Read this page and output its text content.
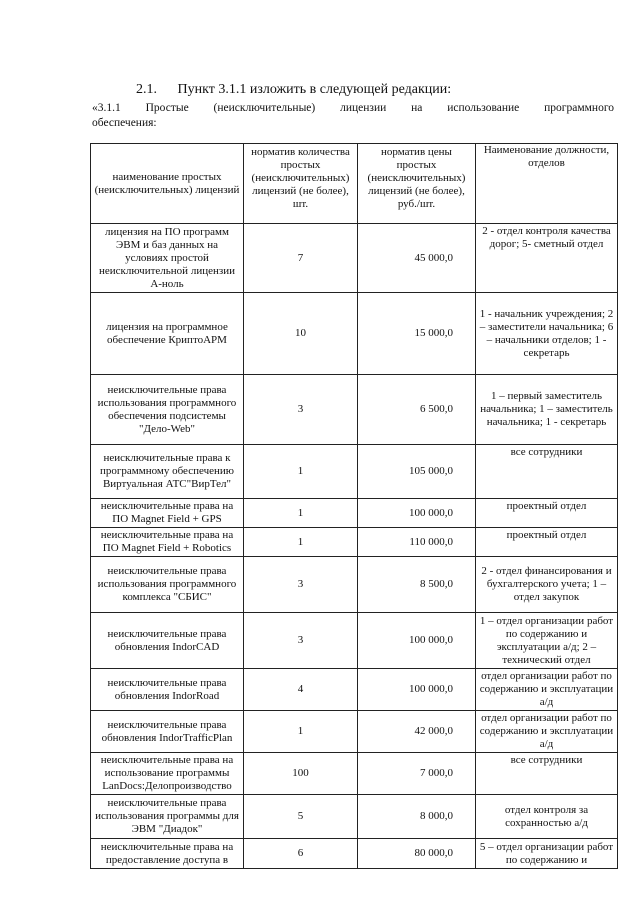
2.1. Пункт 3.1.1 изложить в следующей редакции:
«3.1.1 Простые (неисключительные) лицензии на использование программного
обеспечения:
наименование простых (неисключительных) лицензий	норматив количества простых (неисключительных) лицензий (не более), шт.	норматив цены простых (неисключительных) лицензий (не более), руб./шт.	Наименование должности, отделов
лицензия на ПО программ ЭВМ и баз данных на условиях простой неисключительной лицензии А-ноль	7	45 000,0	2 - отдел контроля качества дорог; 5- сметный отдел
лицензия на программное обеспечение КриптоАРМ	10	15 000,0	1 - начальник учреждения; 2 – заместители начальника; 6 – начальники отделов; 1 - секретарь
неисключительные права использования программного обеспечения подсистемы "Дело-Web"	3	6 500,0	1 – первый заместитель начальника; 1 – заместитель начальника; 1 - секретарь
неисключительные права к программному обеспечению Виртуальная АТС"ВирТел"	1	105 000,0	все сотрудники
неисключительные права на ПО Magnet Field + GPS	1	100 000,0	проектный отдел
неисключительные права на ПО Magnet Field + Robotics	1	110 000,0	проектный отдел
неисключительные права использования программного комплекса "СБИС"	3	8 500,0	2 - отдел финансирования и бухгалтерского учета; 1 – отдел закупок
неисключительные права обновления IndorCAD	3	100 000,0	1 – отдел организации работ по содержанию и эксплуатации а/д; 2 – технический отдел
неисключительные права обновления IndorRoad	4	100 000,0	отдел организации работ по содержанию и эксплуатации а/д
неисключительные права обновления IndorTrafficPlan	1	42 000,0	отдел организации работ по содержанию и эксплуатации а/д
неисключительные права на использование программы LanDocs:Делопроизводство	100	7 000,0	все сотрудники
неисключительные права использования программы для ЭВМ "Диадок"	5	8 000,0	отдел контроля за сохранностью а/д
неисключительные права на предоставление доступа в	6	80 000,0	5 – отдел организации работ по содержанию и
